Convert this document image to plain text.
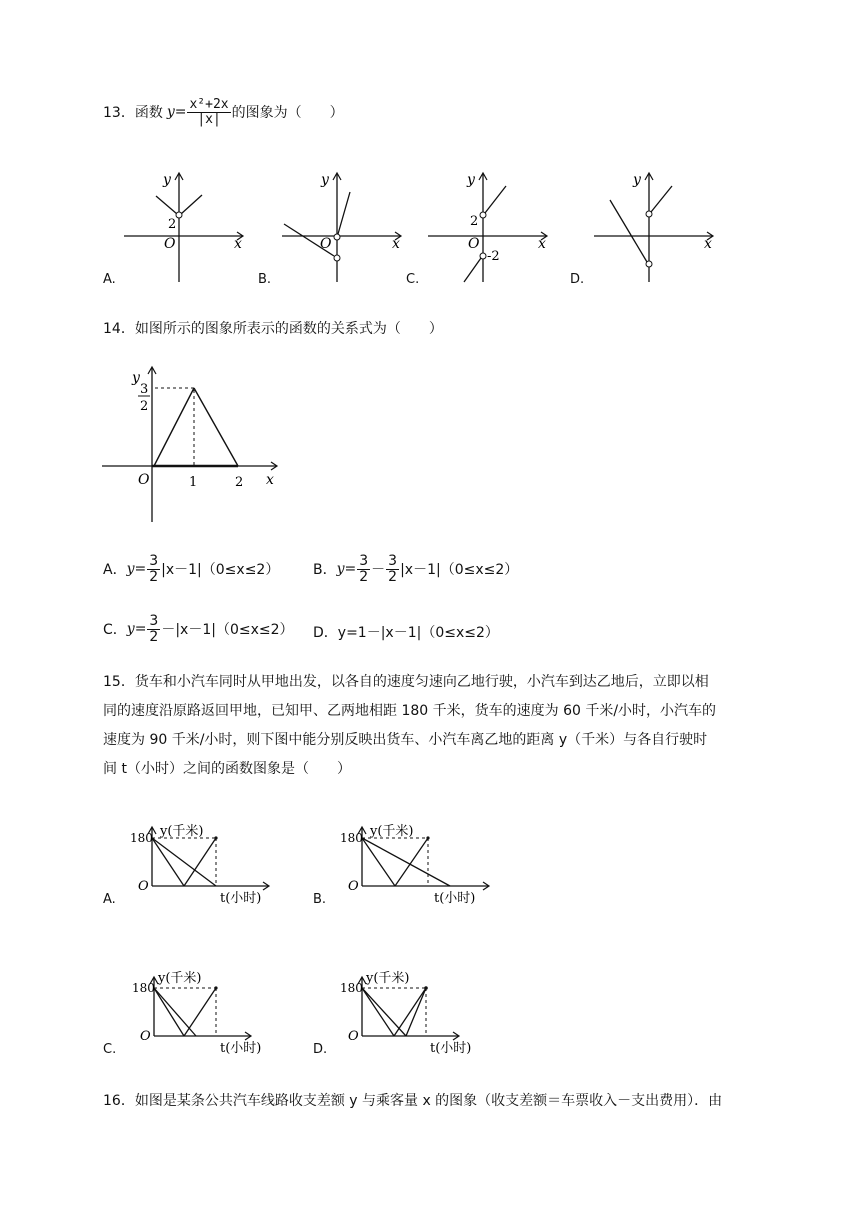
13．函数 $y = \frac{\text{x²+2x}}{|x|}$ 的图象为（　　）
y
2
O	x
A.
y
O	x
B.
y
2
O
-2
x
C.
y
x
D.
14．如图所示的图象所表示的函数的关系式为（　　）
y
3
2
O	1	2 x
A． $y= \frac{3}{2} |x-1|(0\le x\le 2)$ B． $y= \frac{3}{2} - \frac{3}{2} |x-1|(0\le x\le 2)$
C． $y= \frac{3}{2} -|x-1|(0\le x\le 2)$ D．y=1－|x－1|（0≤x≤2）
15．货车和小汽车同时从甲地出发，以各自的速度匀速向乙地行驶，小汽车到达乙地后，立即以相
同的速度沿原路返回甲地，已知甲、乙两地相距 180 千米，货车的速度为 60 千米/小时，小汽车的
速度为 90 千米/小时，则下图中能分别反映出货车、小汽车离乙地的距离 y（千米）与各自行驶时
间 t（小时）之间的函数图象是（　　）
y(千米)
180
O
t(小时)
A.
y(千米)
180
O
t(小时)
B.
y(千米)
180
O
t(小时)
C.
y(千米)
180
O
t(小时)
D.
16．如图是某条公共汽车线路收支差额 y 与乘客量 x 的图象（收支差额＝车票收入－支出费用）．由
